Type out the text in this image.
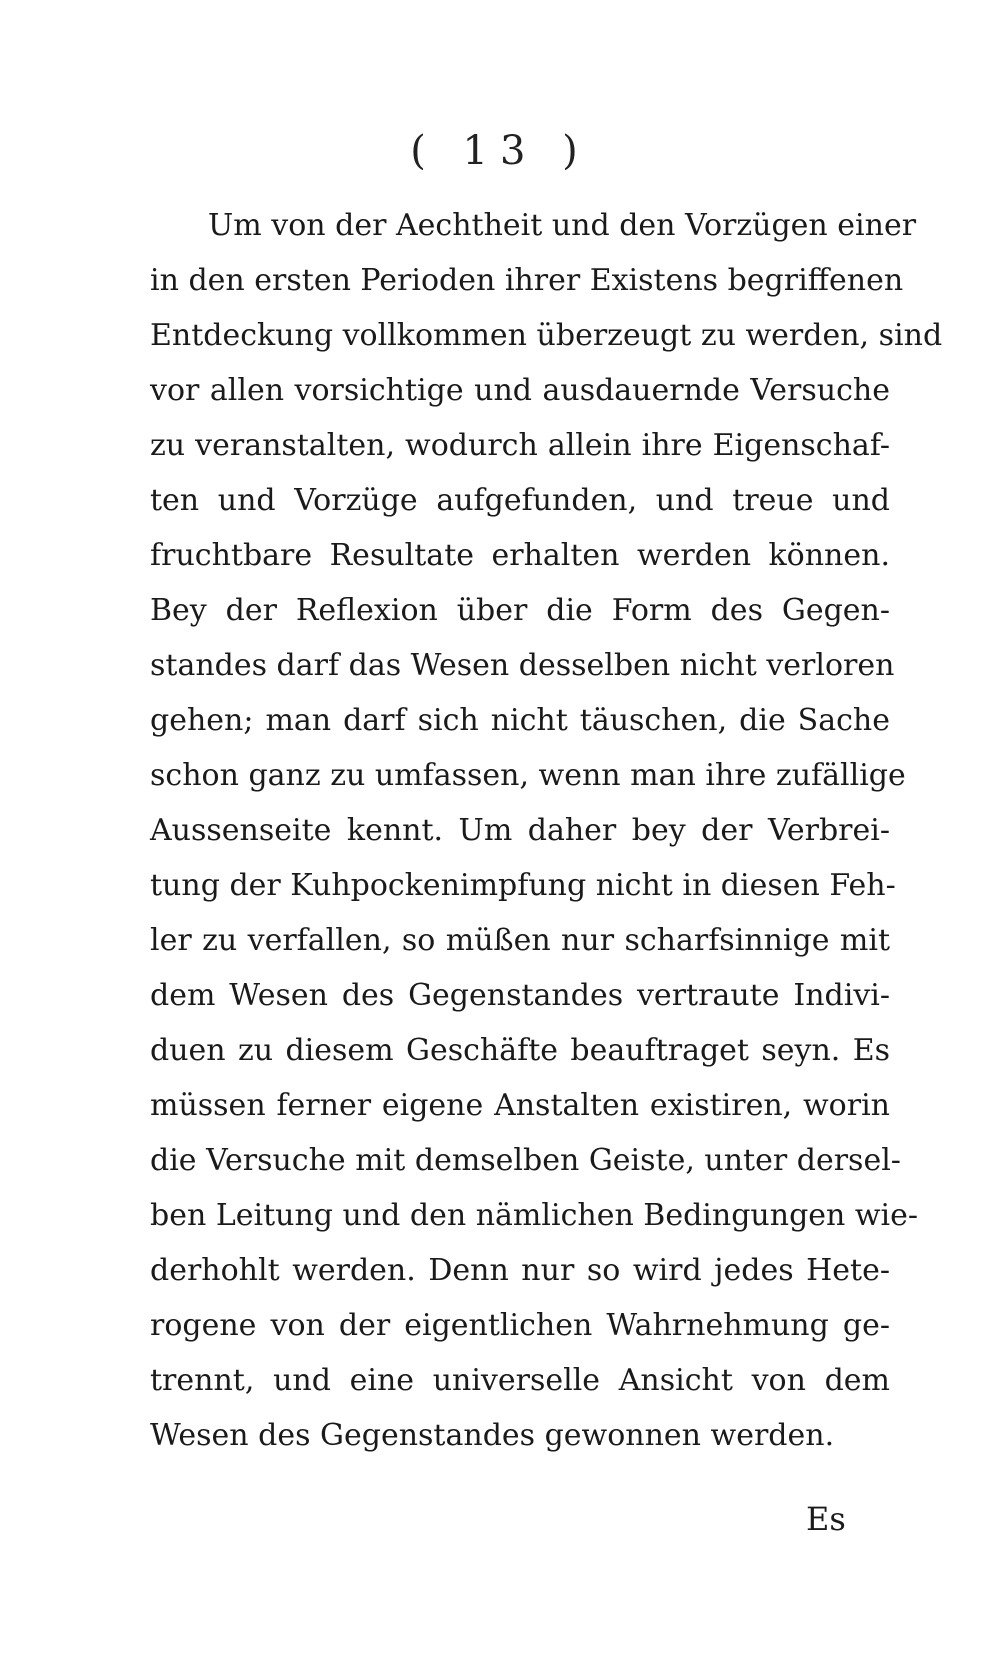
( 13 )
Um von der Aechtheit und den Vorzügen einer
in den ersten Perioden ihrer Existens begriffenen
Entdeckung vollkommen überzeugt zu werden, sind
vor allen vorsichtige und ausdauernde Versuche
zu veranstalten, wodurch allein ihre Eigenschaf-
ten und Vorzüge aufgefunden, und treue und
fruchtbare Resultate erhalten werden können.
Bey der Reflexion über die Form des Gegen-
standes darf das Wesen desselben nicht verloren
gehen; man darf sich nicht täuschen, die Sache
schon ganz zu umfassen, wenn man ihre zufällige
Aussenseite kennt. Um daher bey der Verbrei-
tung der Kuhpockenimpfung nicht in diesen Feh-
ler zu verfallen, so müßen nur scharfsinnige mit
dem Wesen des Gegenstandes vertraute Indivi-
duen zu diesem Geschäfte beauftraget seyn. Es
müssen ferner eigene Anstalten existiren, worin
die Versuche mit demselben Geiste, unter dersel-
ben Leitung und den nämlichen Bedingungen wie-
derhohlt werden. Denn nur so wird jedes Hete-
rogene von der eigentlichen Wahrnehmung ge-
trennt, und eine universelle Ansicht von dem
Wesen des Gegenstandes gewonnen werden.
Es
